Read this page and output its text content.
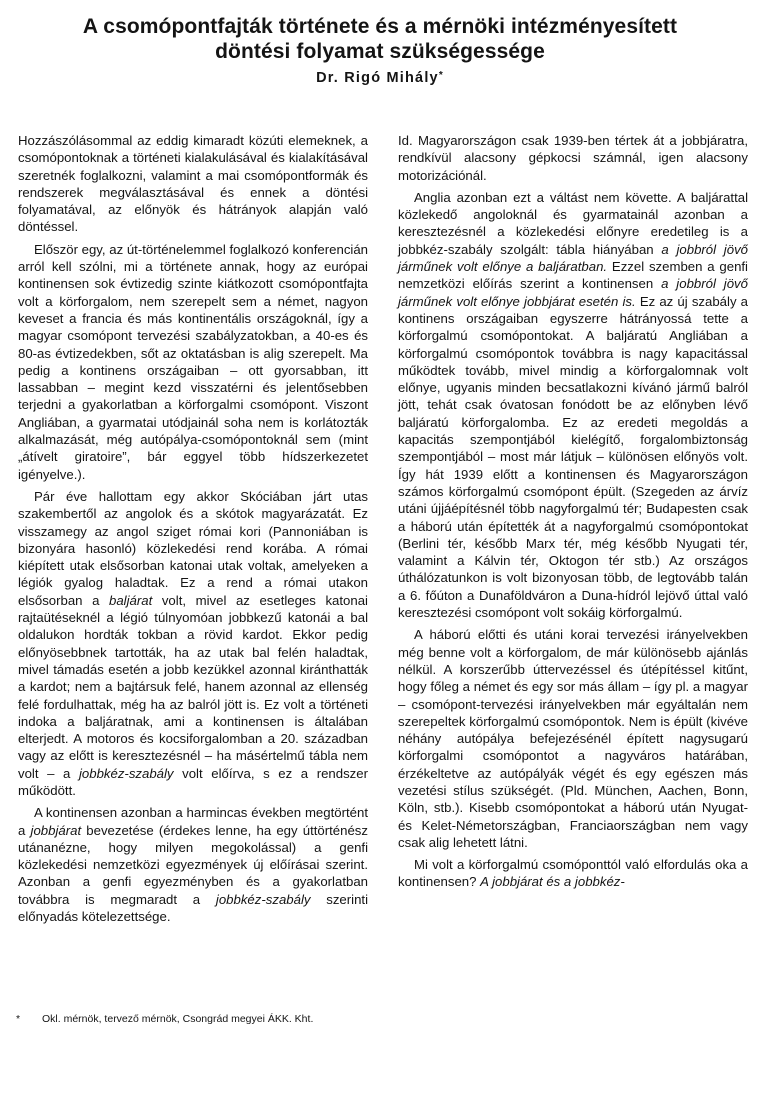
A csomópontfajták története és a mérnöki intézményesített
döntési folyamat szükségessége
Dr. Rigó Mihály*

Hozzászólásommal az eddig kimaradt közúti elemeknek, a csomópontoknak a történeti kialakulásával és kialakításával szeretnék foglalkozni, valamint a mai csomópontformák és rendszerek megválasztásával és ennek a döntési folyamatával, az előnyök és hátrányok alapján való döntéssel.

Először egy, az út-történelemmel foglalkozó konferencián arról kell szólni, mi a története annak, hogy az európai kontinensen sok évtizedig szinte kiátkozott csomópontfajta volt a körforgalom, nem szerepelt sem a német, nagyon keveset a francia és más kontinentális országoknál, így a magyar csomópont tervezési szabályzatokban, a 40-es és 80-as évtizedekben, sőt az oktatásban is alig szerepelt. Ma pedig a kontinens országaiban – ott gyorsabban, itt lassabban – megint kezd visszatérni és jelentősebben terjedni a gyakorlatban a körforgalmi csomópont. Viszont Angliában, a gyarmatai utódjainál soha nem is korlátozták alkalmazását, még autópálya-csomópontoknál sem (mint „átívelt giratoire”, bár eggyel több hídszerkezetet igényelve.).

Pár éve hallottam egy akkor Skóciában járt utas szakembertől az angolok és a skótok magyarázatát. Ez visszamegy az angol sziget római kori (Pannoniában is bizonyára hasonló) közlekedési rend korába. A római kiépített utak elsősorban katonai utak voltak, amelyeken a légiók gyalog haladtak. Ez a rend a római utakon elsősorban a baljárat volt, mivel az esetleges katonai rajtaütéseknél a légió túlnyomóan jobbkezű katonái a bal oldalukon hordták tokban a rövid kardot. Ekkor pedig előnyösebbnek tartották, ha az utak bal felén haladtak, mivel támadás esetén a jobb kezükkel azonnal kiránthatták a kardot; nem a bajtársuk felé, hanem azonnal az ellenség felé fordulhattak, még ha az balról jött is. Ez volt a történeti indoka a baljáratnak, ami a kontinensen is általában elterjedt. A motoros és kocsiforgalomban a 20. században vagy az előtt is keresztezésnél – ha másértelmű tábla nem volt – a jobbkéz-szabály volt előírva, s ez a rendszer működött.

A kontinensen azonban a harmincas években megtörtént a jobbjárat bevezetése (érdekes lenne, ha egy úttörténész utánanézne, hogy milyen megokolással) a genfi közlekedési nemzetközi egyezmények új előírásai szerint. Azonban a genfi egyezményben és a gyakorlatban továbbra is megmaradt a jobbkéz-szabály szerinti előnyadás kötelezettsége.

Id. Magyarországon csak 1939-ben tértek át a jobbjáratra, rendkívül alacsony gépkocsi számnál, igen alacsony motorizációnál.

Anglia azonban ezt a váltást nem követte. A baljárattal közlekedő angoloknál és gyarmatainál azonban a keresztezésnél a közlekedési előnyre eredetileg is a jobbkéz-szabály szolgált: tábla hiányában a jobbról jövő járműnek volt előnye a baljáratban. Ezzel szemben a genfi nemzetközi előírás szerint a kontinensen a jobbról jövő járműnek volt előnye jobbjárat esetén is. Ez az új szabály a kontinens országaiban egyszerre hátrányossá tette a körforgalmú csomópontokat. A baljáratú Angliában a körforgalmú csomópontok továbbra is nagy kapacitással működtek tovább, mivel mindig a körforgalomnak volt előnye, ugyanis minden becsatlakozni kívánó jármű balról jött, tehát csak óvatosan fonódott be az előnyben lévő baljáratú körforgalomba. Ez az eredeti megoldás a kapacitás szempontjából kielégítő, forgalombiztonság szempontjából – most már látjuk – különösen előnyös volt. Így hát 1939 előtt a kontinensen és Magyarországon számos körforgalmú csomópont épült. (Szegeden az árvíz utáni újjáépítésnél több nagyforgalmú tér; Budapesten csak a háború után építették át a nagyforgalmú csomópontokat (Berlini tér, később Marx tér, még később Nyugati tér, valamint a Kálvin tér, Oktogon tér stb.) Az országos úthálózatunkon is volt bizonyosan több, de legtovább talán a 6. főúton a Dunaföldváron a Duna-hídról lejövő úttal való keresztezési csomópont volt sokáig körforgalmú.

A háború előtti és utáni korai tervezési irányelvekben még benne volt a körforgalom, de már különösebb ajánlás nélkül. A korszerűbb úttervezéssel és útépítéssel kitűnt, hogy főleg a német és egy sor más állam – így pl. a magyar – csomópont-tervezési irányelvekben már egyáltalán nem szerepeltek körforgalmú csomópontok. Nem is épült (kivéve néhány autópálya befejezésénél épített nagysugarú körforgalmi csomópontot a nagyváros határában, érzékeltetve az autópályák végét és egy egészen más vezetési stílus szükségét. (Pld. München, Aachen, Bonn, Köln, stb.). Kisebb csomópontokat a háború után Nyugat- és Kelet-Németországban, Franciaországban nem vagy csak alig lehetett látni.

Mi volt a körforgalmú csomóponttól való elfordulás oka a kontinensen? A jobbjárat és a jobbkéz-

* Okl. mérnök, tervező mérnök, Csongrád megyei ÁKK. Kht.
